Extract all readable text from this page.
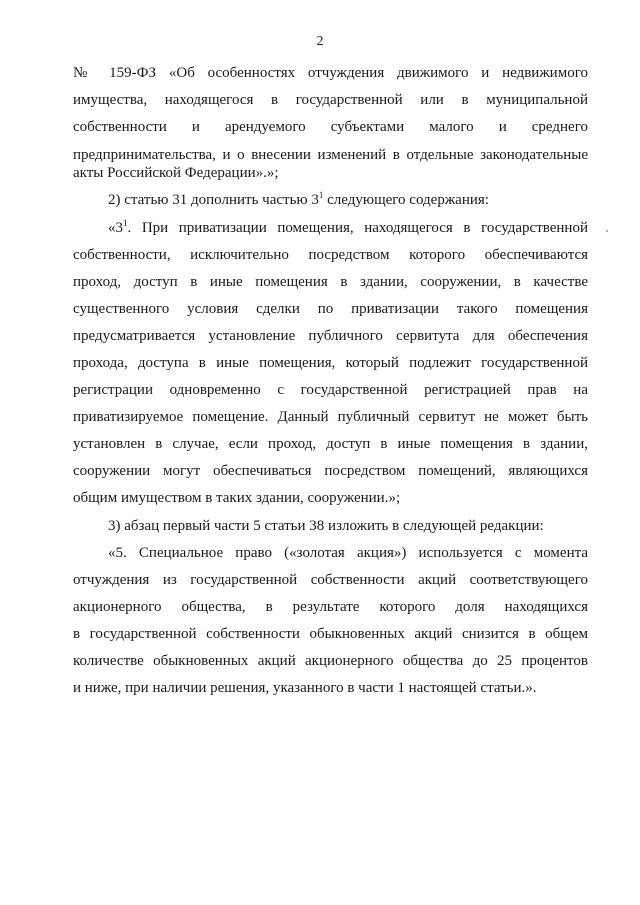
2
№ 159-ФЗ «Об особенностях отчуждения движимого и недвижимого
имущества, находящегося в государственной или в муниципальной
собственности и арендуемого субъектами малого и среднего
предпринимательства, и о внесении изменений в отдельные законодательные
акты Российской Федерации».»;
2) статью 31 дополнить частью $3^1$ следующего содержания:
«$3^1$. При приватизации помещения, находящегося в государственной
собственности, исключительно посредством которого обеспечиваются
проход, доступ в иные помещения в здании, сооружении, в качестве
существенного условия сделки по приватизации такого помещения
предусматривается установление публичного сервитута для обеспечения
прохода, доступа в иные помещения, который подлежит государственной
регистрации одновременно с государственной регистрацией прав на
приватизируемое помещение. Данный публичный сервитут не может быть
установлен в случае, если проход, доступ в иные помещения в здании,
сооружении могут обеспечиваться посредством помещений, являющихся
общим имуществом в таких здании, сооружении.»;
3) абзац первый части 5 статьи 38 изложить в следующей редакции:
«5. Специальное право («золотая акция») используется с момента
отчуждения из государственной собственности акций соответствующего
акционерного общества, в результате которого доля находящихся
в государственной собственности обыкновенных акций снизится в общем
количестве обыкновенных акций акционерного общества до 25 процентов
и ниже, при наличии решения, указанного в части 1 настоящей статьи.».
